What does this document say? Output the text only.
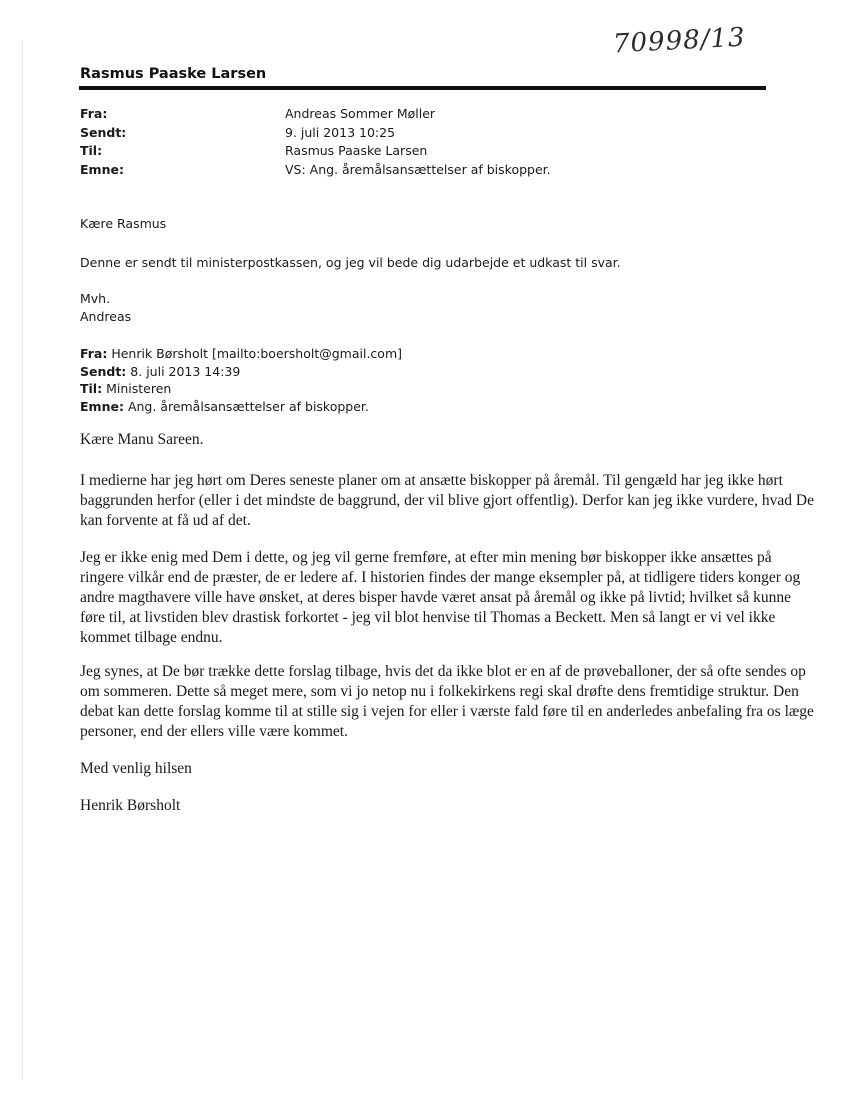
70998/13
Rasmus Paaske Larsen
Fra:	Andreas Sommer Møller
Sendt:	9. juli 2013 10:25
Til:	Rasmus Paaske Larsen
Emne:	VS: Ang. åremålsansættelser af biskopper.
Kære Rasmus
Denne er sendt til ministerpostkassen, og jeg vil bede dig udarbejde et udkast til svar.
Mvh.
Andreas
Fra: Henrik Børsholt [mailto:boersholt@gmail.com]
Sendt: 8. juli 2013 14:39
Til: Ministeren
Emne: Ang. åremålsansættelser af biskopper.

Kære Manu Sareen.

I medierne har jeg hørt om Deres seneste planer om at ansætte biskopper på åremål. Til gengæld har jeg ikke hørt baggrunden herfor (eller i det mindste de baggrund, der vil blive gjort offentlig). Derfor kan jeg ikke vurdere, hvad De kan forvente at få ud af det.

Jeg er ikke enig med Dem i dette, og jeg vil gerne fremføre, at efter min mening bør biskopper ikke ansættes på ringere vilkår end de præster, de er ledere af. I historien findes der mange eksempler på, at tidligere tiders konger og andre magthavere ville have ønsket, at deres bisper havde været ansat på åremål og ikke på livtid; hvilket så kunne føre til, at livstiden blev drastisk forkortet - jeg vil blot henvise til Thomas a Beckett. Men så langt er vi vel ikke kommet tilbage endnu.

Jeg synes, at De bør trække dette forslag tilbage, hvis det da ikke blot er en af de prøveballoner, der så ofte sendes op om sommeren. Dette så meget mere, som vi jo netop nu i folkekirkens regi skal drøfte dens fremtidige struktur. Den debat kan dette forslag komme til at stille sig i vejen for eller i værste fald føre til en anderledes anbefaling fra os læge personer, end der ellers ville være kommet.

Med venlig hilsen

Henrik Børsholt
